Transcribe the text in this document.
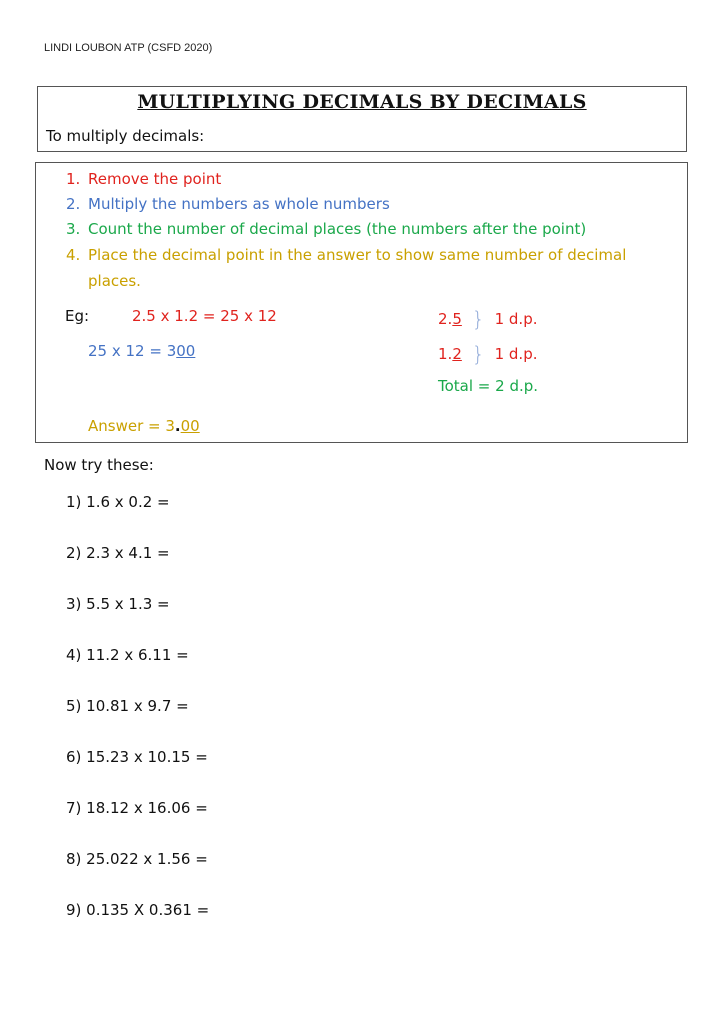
LINDI LOUBON ATP (CSFD 2020)
MULTIPLYING DECIMALS BY DECIMALS
To multiply decimals:
1. Remove the point
2. Multiply the numbers as whole numbers
3. Count the number of decimal places (the numbers after the point)
4. Place the decimal point in the answer to show same number of decimal
places.
Eg:	2.5 x 1.2 = 25 x 12
25 x 12 = 300
2.5 } 1 d.p.
1.2 } 1 d.p.
Total = 2 d.p.
Answer = 3.00
Now try these:
1) 1.6 x 0.2 =
2) 2.3 x 4.1 =
3) 5.5 x 1.3 =
4) 11.2 x 6.11 =
5) 10.81 x 9.7 =
6) 15.23 x 10.15 =
7) 18.12 x 16.06 =
8) 25.022 x 1.56 =
9) 0.135 X 0.361 =
